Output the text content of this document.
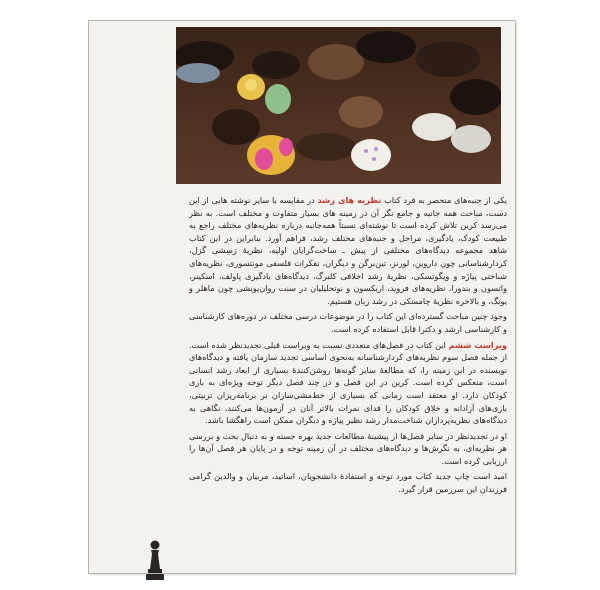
یکی از جنبه‌های منحصر به فرد کتاب نظریه های رشد در مقایسه با سایر نوشته هایی از این دست، مباحث همه جانبه و جامع نگر آن در زمینه های بسیار متفاوت و مختلف است. به نظر می‌رسد کرین تلاش کرده است تا نوشته‌ای نسبتاً همه‌جانبه درباره نظریه‌های مختلف راجع به طبیعت کودک، یادگیری، مراحل و جنبه‌های مختلف رشد، فراهم آورد. بنابراین در این کتاب شاهد مجموعه دیدگاه‌های مختلفی از پیش ـ ساخت‌گرایان اولیه، نظریهٔ رَسِشی گزل، کردارشناسانی چون داروین، لورنز، تین‌برگن و دیگران، تفکرات فلسفی مونتسوری، نظریه‌های شناختی پیاژه و ویگوتسکی، نظریهٔ رشد اخلاقی کلبرگ، دیدگاه‌های یادگیری پاولف، اسکینر، واتسون و بندورا، نظریه‌های فروید، اریکسون و نوتحلیلیان در سنت روان‌پویشی چون ماهلر و یونگ، و بالاخره نظریهٔ چامسکی در رشد زبان هستیم.

وجود چنین مباحث گسترده‌ای این کتاب را در موضوعات درسی مختلف در دوره‌های کارشناسی و کارشناسی ارشد و دکترا قابل استفاده کرده است.

ویراست ششم این کتاب در فصل‌های متعددی نسبت به ویراست قبلی تجدیدنظر شده است. از جمله فصل سوم نظریه‌های کردارشناسانه به‌نحوی اساسی تجدید سازمان یافته و دیدگاه‌های نویسنده در این زمینه را، که مطالعهٔ سایر گونه‌ها روشن‌کنندهٔ بسیاری از ابعاد رشد انسانی است، منعکس کرده است. کرین در این فصل و در چند فصل دیگر توجه ویژه‌ای به بازی کودکان دارد. او معتقد است زمانی که بسیاری از خط‌مشی‌سازان بر برنامه‌ریزان تربیتی، بازی‌های آزادانه و خلاق کودکان را فدای نمرات بالاتر آنان در آزمون‌ها می‌کنند، نگاهی به دیدگاه‌های نظریه‌پردازان شناخت‌مدار رشد نظیر پیاژه و دیگران ممکن است راهگشا باشد.

او در تجدیدنظر در سایر فصل‌ها از پیشینهٔ مطالعات جدید بهره جسته و به دنبال بحث و بررسی هر نظریه‌ای، به نگرش‌ها و دیدگاه‌های مختلف در آن زمینه توجه و در پایان هر فصل آن‌ها را ارزیابی کرده است.

امید است چاپ جدید کتاب مورد توجه و استفادهٔ دانشجویان، اساتید، مربیان و والدین گرامی فرزندان این سرزمین قرار گیرد.
